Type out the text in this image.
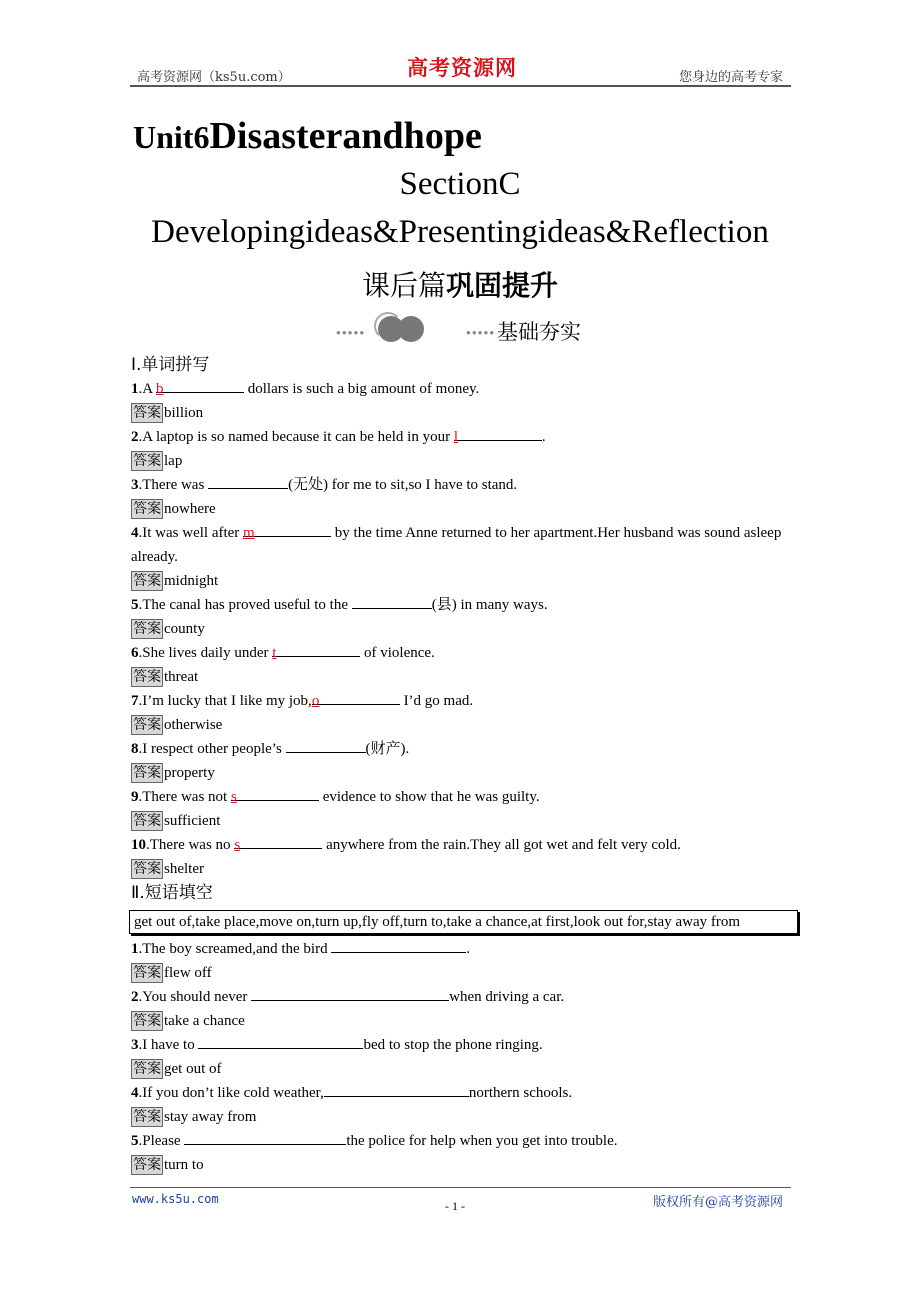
高考资源网（ks5u.com）	高考资源网	您身边的高考专家
Unit6Disasterandhope
SectionC
Developingideas&Presentingideas&Reflection
课后篇巩固提升
●●●●●	●●●●● 基础夯实
Ⅰ.单词拼写
1.A b	dollars is such a big amount of money.
答案 billion
2.A laptop is so named because it can be held in your l	.
答案 lap
3.There was	(无处) for me to sit,so I have to stand.
答案 nowhere
4.It was well after m	by the time Anne returned to her apartment.Her husband was sound asleep already.
答案 midnight
5.The canal has proved useful to the	(县) in many ways.
答案 county
6.She lives daily under t	of violence.
答案 threat
7.I’m lucky that I like my job,o	I’d go mad.
答案 otherwise
8.I respect other people’s	(财产).
答案 property
9.There was not s	evidence to show that he was guilty.
答案 sufficient
10.There was no s	anywhere from the rain.They all got wet and felt very cold.
答案 shelter
Ⅱ.短语填空
get out of,take place,move on,turn up,fly off,turn to,take a chance,at first,look out for,stay away from
1.The boy screamed,and the bird	.
答案 flew off
2.You should never	when driving a car.
答案 take a chance
3.I have to	bed to stop the phone ringing.
答案 get out of
4.If you don’t like cold weather,	northern schools.
答案 stay away from
5.Please	the police for help when you get into trouble.
答案 turn to
www.ks5u.com	- 1 -	版权所有@高考资源网
